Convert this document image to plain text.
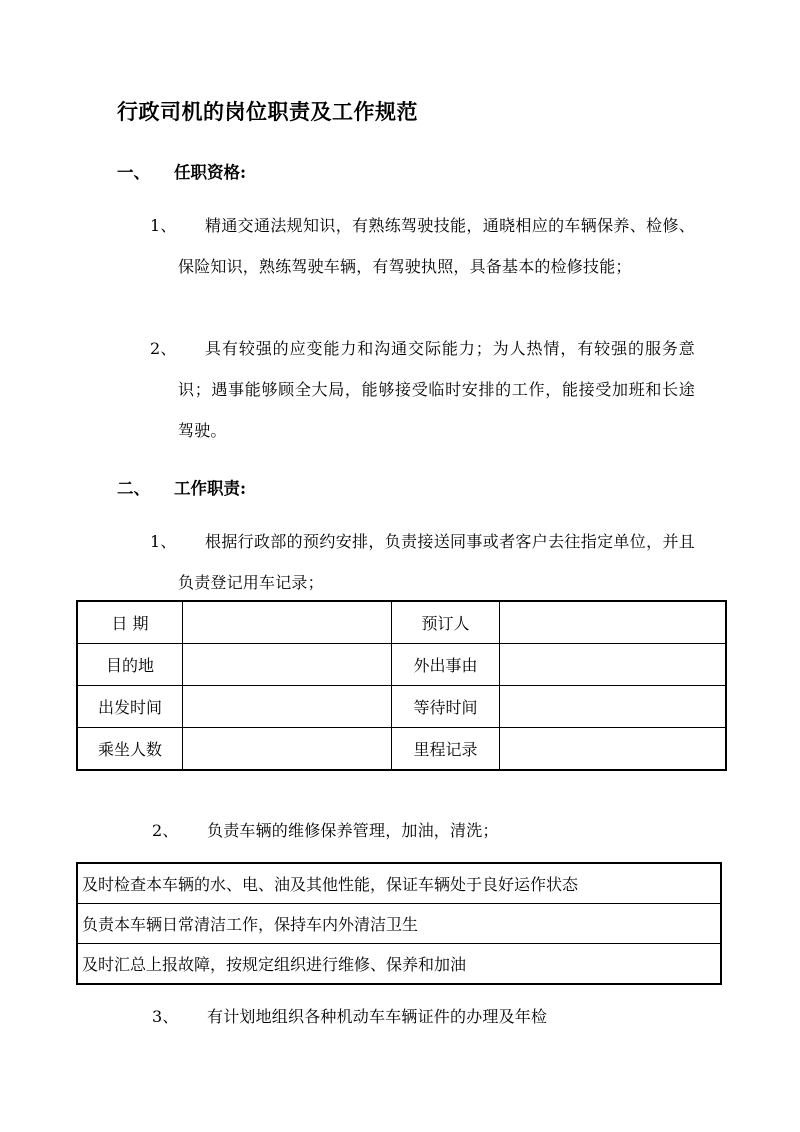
行政司机的岗位职责及工作规范
一、 任职资格:
1、	精通交通法规知识，有熟练驾驶技能，通晓相应的车辆保养、检修、保险知识，熟练驾驶车辆，有驾驶执照，具备基本的检修技能；
2、	具有较强的应变能力和沟通交际能力；为人热情，有较强的服务意识；遇事能够顾全大局，能够接受临时安排的工作，能接受加班和长途驾驶。
二、 工作职责:
1、	根据行政部的预约安排，负责接送同事或者客户去往指定单位，并且负责登记用车记录；
日 期		预订人	
目的地		外出事由	
出发时间		等待时间	
乘坐人数		里程记录	
2、	负责车辆的维修保养管理，加油，清洗；
及时检查本车辆的水、电、油及其他性能，保证车辆处于良好运作状态
负责本车辆日常清洁工作，保持车内外清洁卫生
及时汇总上报故障，按规定组织进行维修、保养和加油
3、	有计划地组织各种机动车车辆证件的办理及年检
